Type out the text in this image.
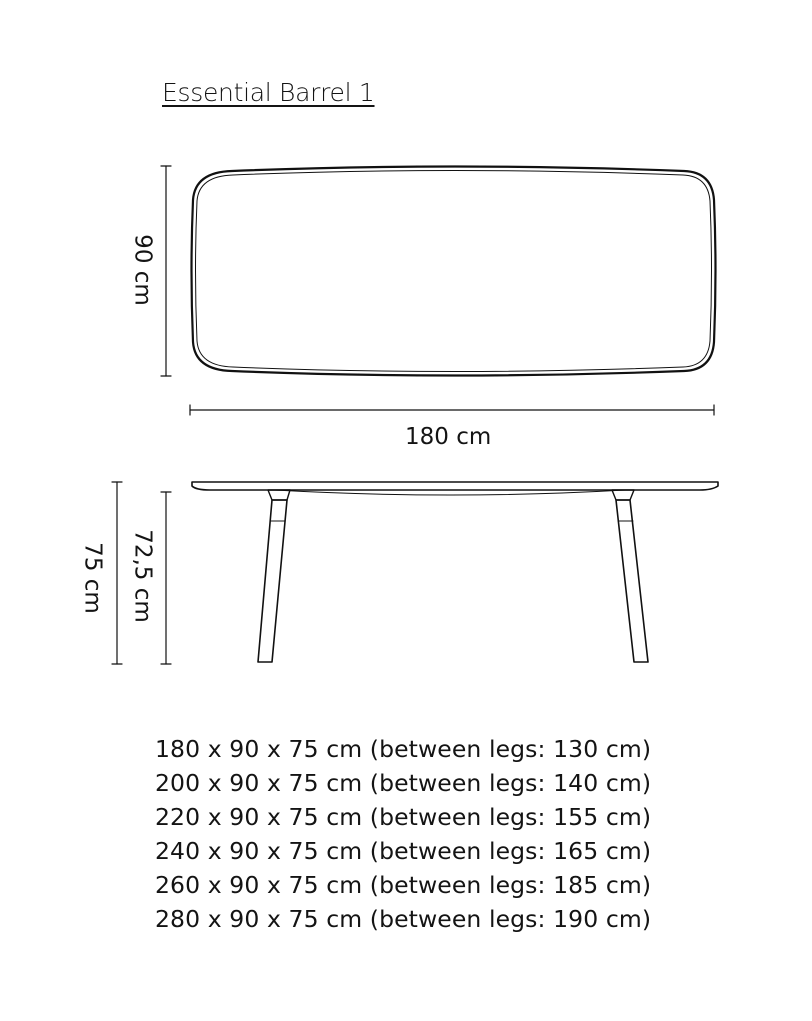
Essential Barrel 1
90 cm
180 cm
75 cm 72,5 cm
180 x 90 x 75 cm (between legs: 130 cm)
200 x 90 x 75 cm (between legs: 140 cm)
220 x 90 x 75 cm (between legs: 155 cm)
240 x 90 x 75 cm (between legs: 165 cm)
260 x 90 x 75 cm (between legs: 185 cm)
280 x 90 x 75 cm (between legs: 190 cm)
